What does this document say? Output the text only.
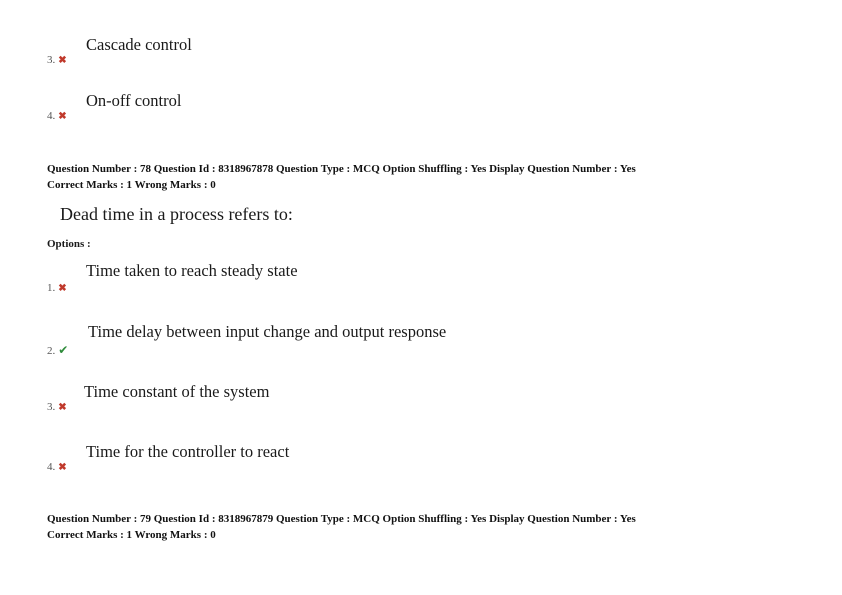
Cascade control
3. ✖
On-off control
4. ✖
Question Number : 78 Question Id : 8318967878 Question Type : MCQ Option Shuffling : Yes Display Question Number : Yes
Correct Marks : 1 Wrong Marks : 0
Dead time in a process refers to:
Options :
Time taken to reach steady state
1. ✖
Time delay between input change and output response
2. ✔
Time constant of the system
3. ✖
Time for the controller to react
4. ✖
Question Number : 79 Question Id : 8318967879 Question Type : MCQ Option Shuffling : Yes Display Question Number : Yes
Correct Marks : 1 Wrong Marks : 0
